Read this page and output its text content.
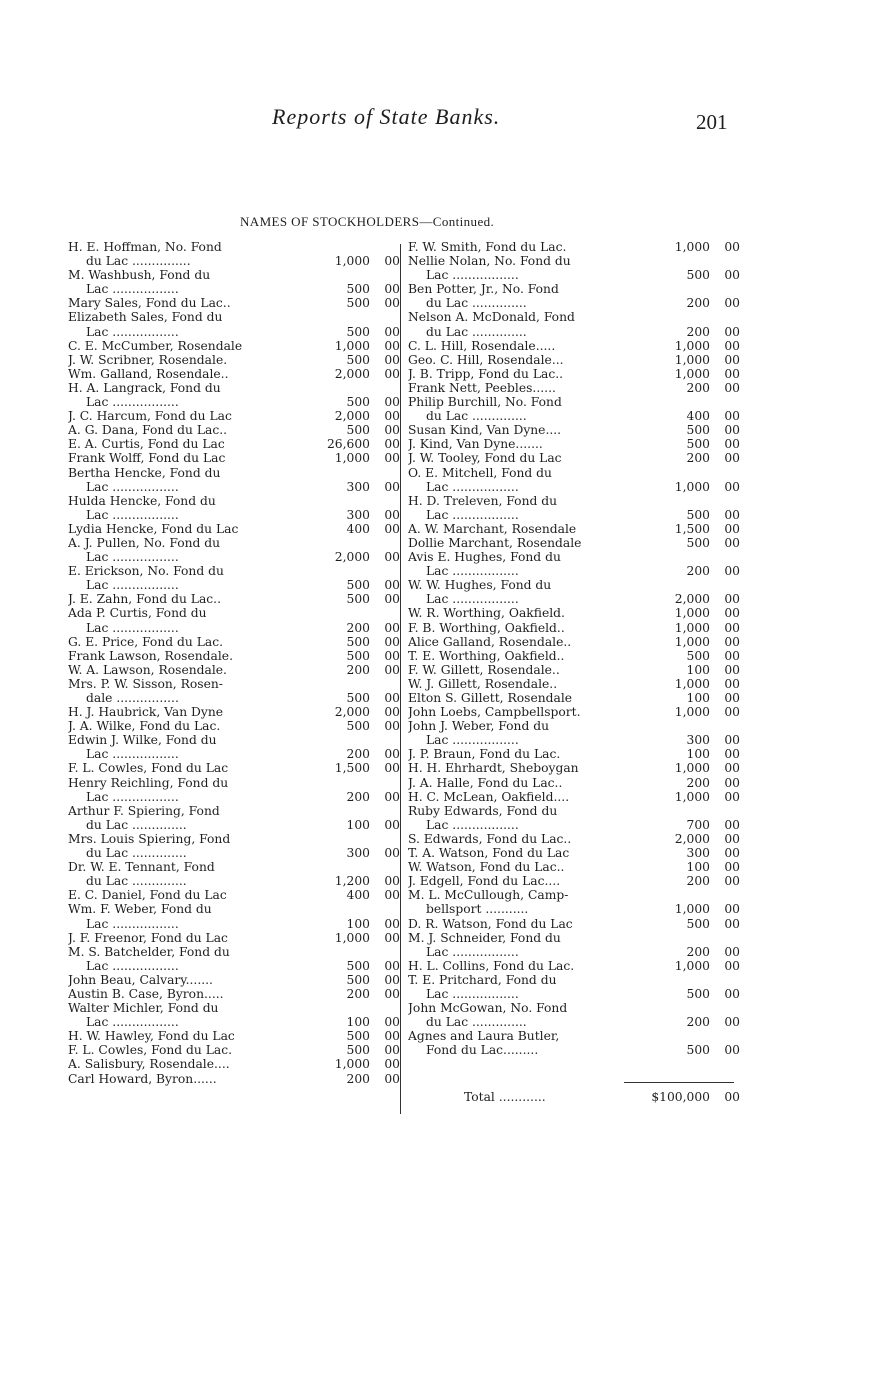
Reports of State Banks.	201
NAMES OF STOCKHOLDERS—Continued.
H. E. Hoffman, No. Fond
du Lac ...............	1,000	00
M. Washbush, Fond du
Lac .................	500	00
Mary Sales, Fond du Lac..	500	00
Elizabeth Sales, Fond du
Lac .................	500	00
C. E. McCumber, Rosendale	1,000	00
J. W. Scribner, Rosendale.	500	00
Wm. Galland, Rosendale..	2,000	00
H. A. Langrack, Fond du
Lac .................	500	00
J. C. Harcum, Fond du Lac	2,000	00
A. G. Dana, Fond du Lac..	500	00
E. A. Curtis, Fond du Lac	26,600	00
Frank Wolff, Fond du Lac	1,000	00
Bertha Hencke, Fond du
Lac .................	300	00
Hulda Hencke, Fond du
Lac .................	300	00
Lydia Hencke, Fond du Lac	400	00
A. J. Pullen, No. Fond du
Lac .................	2,000	00
E. Erickson, No. Fond du
Lac .................	500	00
J. E. Zahn, Fond du Lac..	500	00
Ada P. Curtis, Fond du
Lac .................	200	00
G. E. Price, Fond du Lac.	500	00
Frank Lawson, Rosendale.	500	00
W. A. Lawson, Rosendale.	200	00
Mrs. P. W. Sisson, Rosen-
dale ................	500	00
H. J. Haubrick, Van Dyne	2,000	00
J. A. Wilke, Fond du Lac.	500	00
Edwin J. Wilke, Fond du
Lac .................	200	00
F. L. Cowles, Fond du Lac	1,500	00
Henry Reichling, Fond du
Lac .................	200	00
Arthur F. Spiering, Fond
du Lac ..............	100	00
Mrs. Louis Spiering, Fond
du Lac ..............	300	00
Dr. W. E. Tennant, Fond
du Lac ..............	1,200	00
E. C. Daniel, Fond du Lac	400	00
Wm. F. Weber, Fond du
Lac .................	100	00
J. F. Freenor, Fond du Lac	1,000	00
M. S. Batchelder, Fond du
Lac .................	500	00
John Beau, Calvary.......	500	00
Austin B. Case, Byron.....	200	00
Walter Michler, Fond du
Lac .................	100	00
H. W. Hawley, Fond du Lac	500	00
F. L. Cowles, Fond du Lac.	500	00
A. Salisbury, Rosendale....	1,000	00
Carl Howard, Byron......	200	00
F. W. Smith, Fond du Lac.	1,000	00
Nellie Nolan, No. Fond du
Lac .................	500	00
Ben Potter, Jr., No. Fond
du Lac ..............	200	00
Nelson A. McDonald, Fond
du Lac ..............	200	00
C. L. Hill, Rosendale.....	1,000	00
Geo. C. Hill, Rosendale...	1,000	00
J. B. Tripp, Fond du Lac..	1,000	00
Frank Nett, Peebles......	200	00
Philip Burchill, No. Fond
du Lac ..............	400	00
Susan Kind, Van Dyne....	500	00
J. Kind, Van Dyne.......	500	00
J. W. Tooley, Fond du Lac	200	00
O. E. Mitchell, Fond du
Lac .................	1,000	00
H. D. Treleven, Fond du
Lac .................	500	00
A. W. Marchant, Rosendale	1,500	00
Dollie Marchant, Rosendale	500	00
Avis E. Hughes, Fond du
Lac .................	200	00
W. W. Hughes, Fond du
Lac .................	2,000	00
W. R. Worthing, Oakfield.	1,000	00
F. B. Worthing, Oakfield..	1,000	00
Alice Galland, Rosendale..	1,000	00
T. E. Worthing, Oakfield..	500	00
F. W. Gillett, Rosendale..	100	00
W. J. Gillett, Rosendale..	1,000	00
Elton S. Gillett, Rosendale	100	00
John Loebs, Campbellsport.	1,000	00
John J. Weber, Fond du
Lac .................	300	00
J. P. Braun, Fond du Lac.	100	00
H. H. Ehrhardt, Sheboygan	1,000	00
J. A. Halle, Fond du Lac..	200	00
H. C. McLean, Oakfield....	1,000	00
Ruby Edwards, Fond du
Lac .................	700	00
S. Edwards, Fond du Lac..	2,000	00
T. A. Watson, Fond du Lac	300	00
W. Watson, Fond du Lac..	100	00
J. Edgell, Fond du Lac....	200	00
M. L. McCullough, Camp-
bellsport ...........	1,000	00
D. R. Watson, Fond du Lac	500	00
M. J. Schneider, Fond du
Lac .................	200	00
H. L. Collins, Fond du Lac.	1,000	00
T. E. Pritchard, Fond du
Lac .................	500	00
John McGowan, No. Fond
du Lac ..............	200	00
Agnes and Laura Butler,
Fond du Lac.........	500	00
Total ............	$100,000	00
